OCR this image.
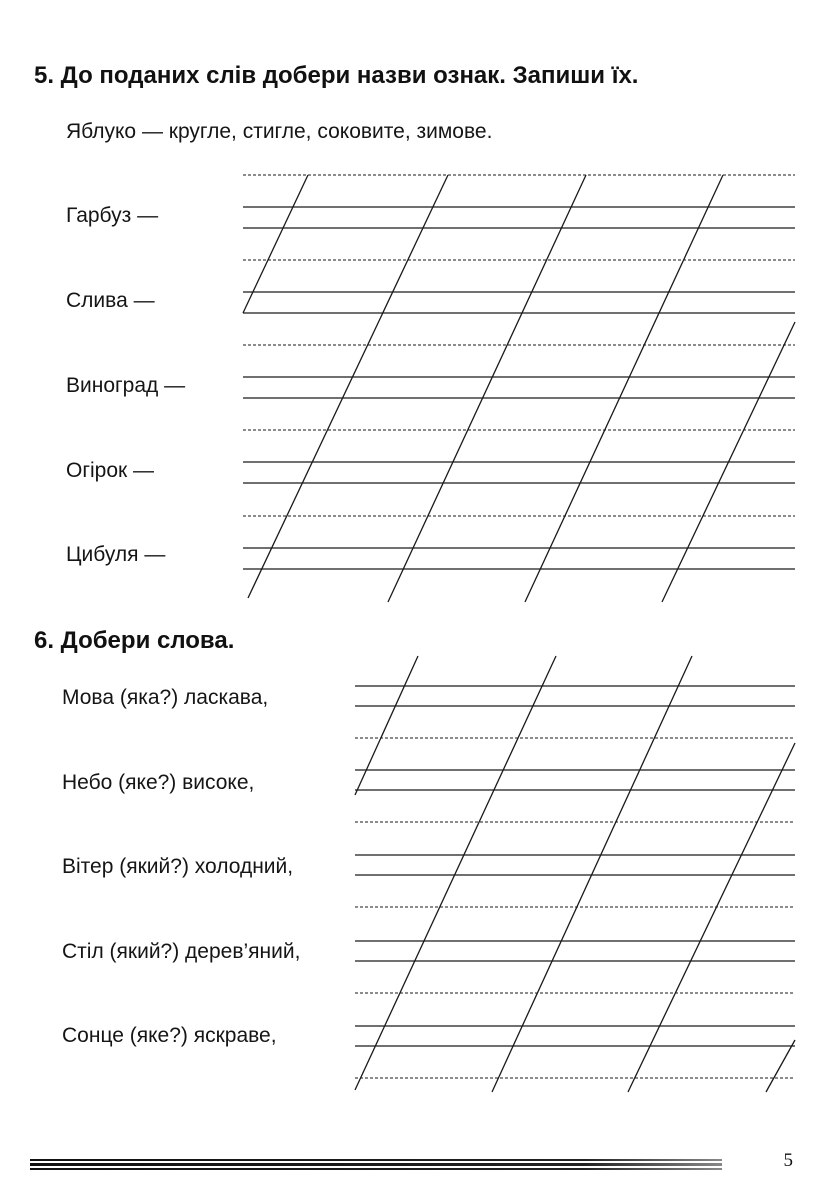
5. До поданих слів добери назви ознак. Запиши їх.
Яблуко — кругле, стигле, соковите, зимове.
Гарбуз —
Слива —
Виноград —
Огірок —
Цибуля —
6. Добери слова.
Мова (яка?) ласкава,
Небо (яке?) високе,
Вітер (який?) холодний,
Стіл (який?) дерев’яний,
Сонце (яке?) яскраве,
5
